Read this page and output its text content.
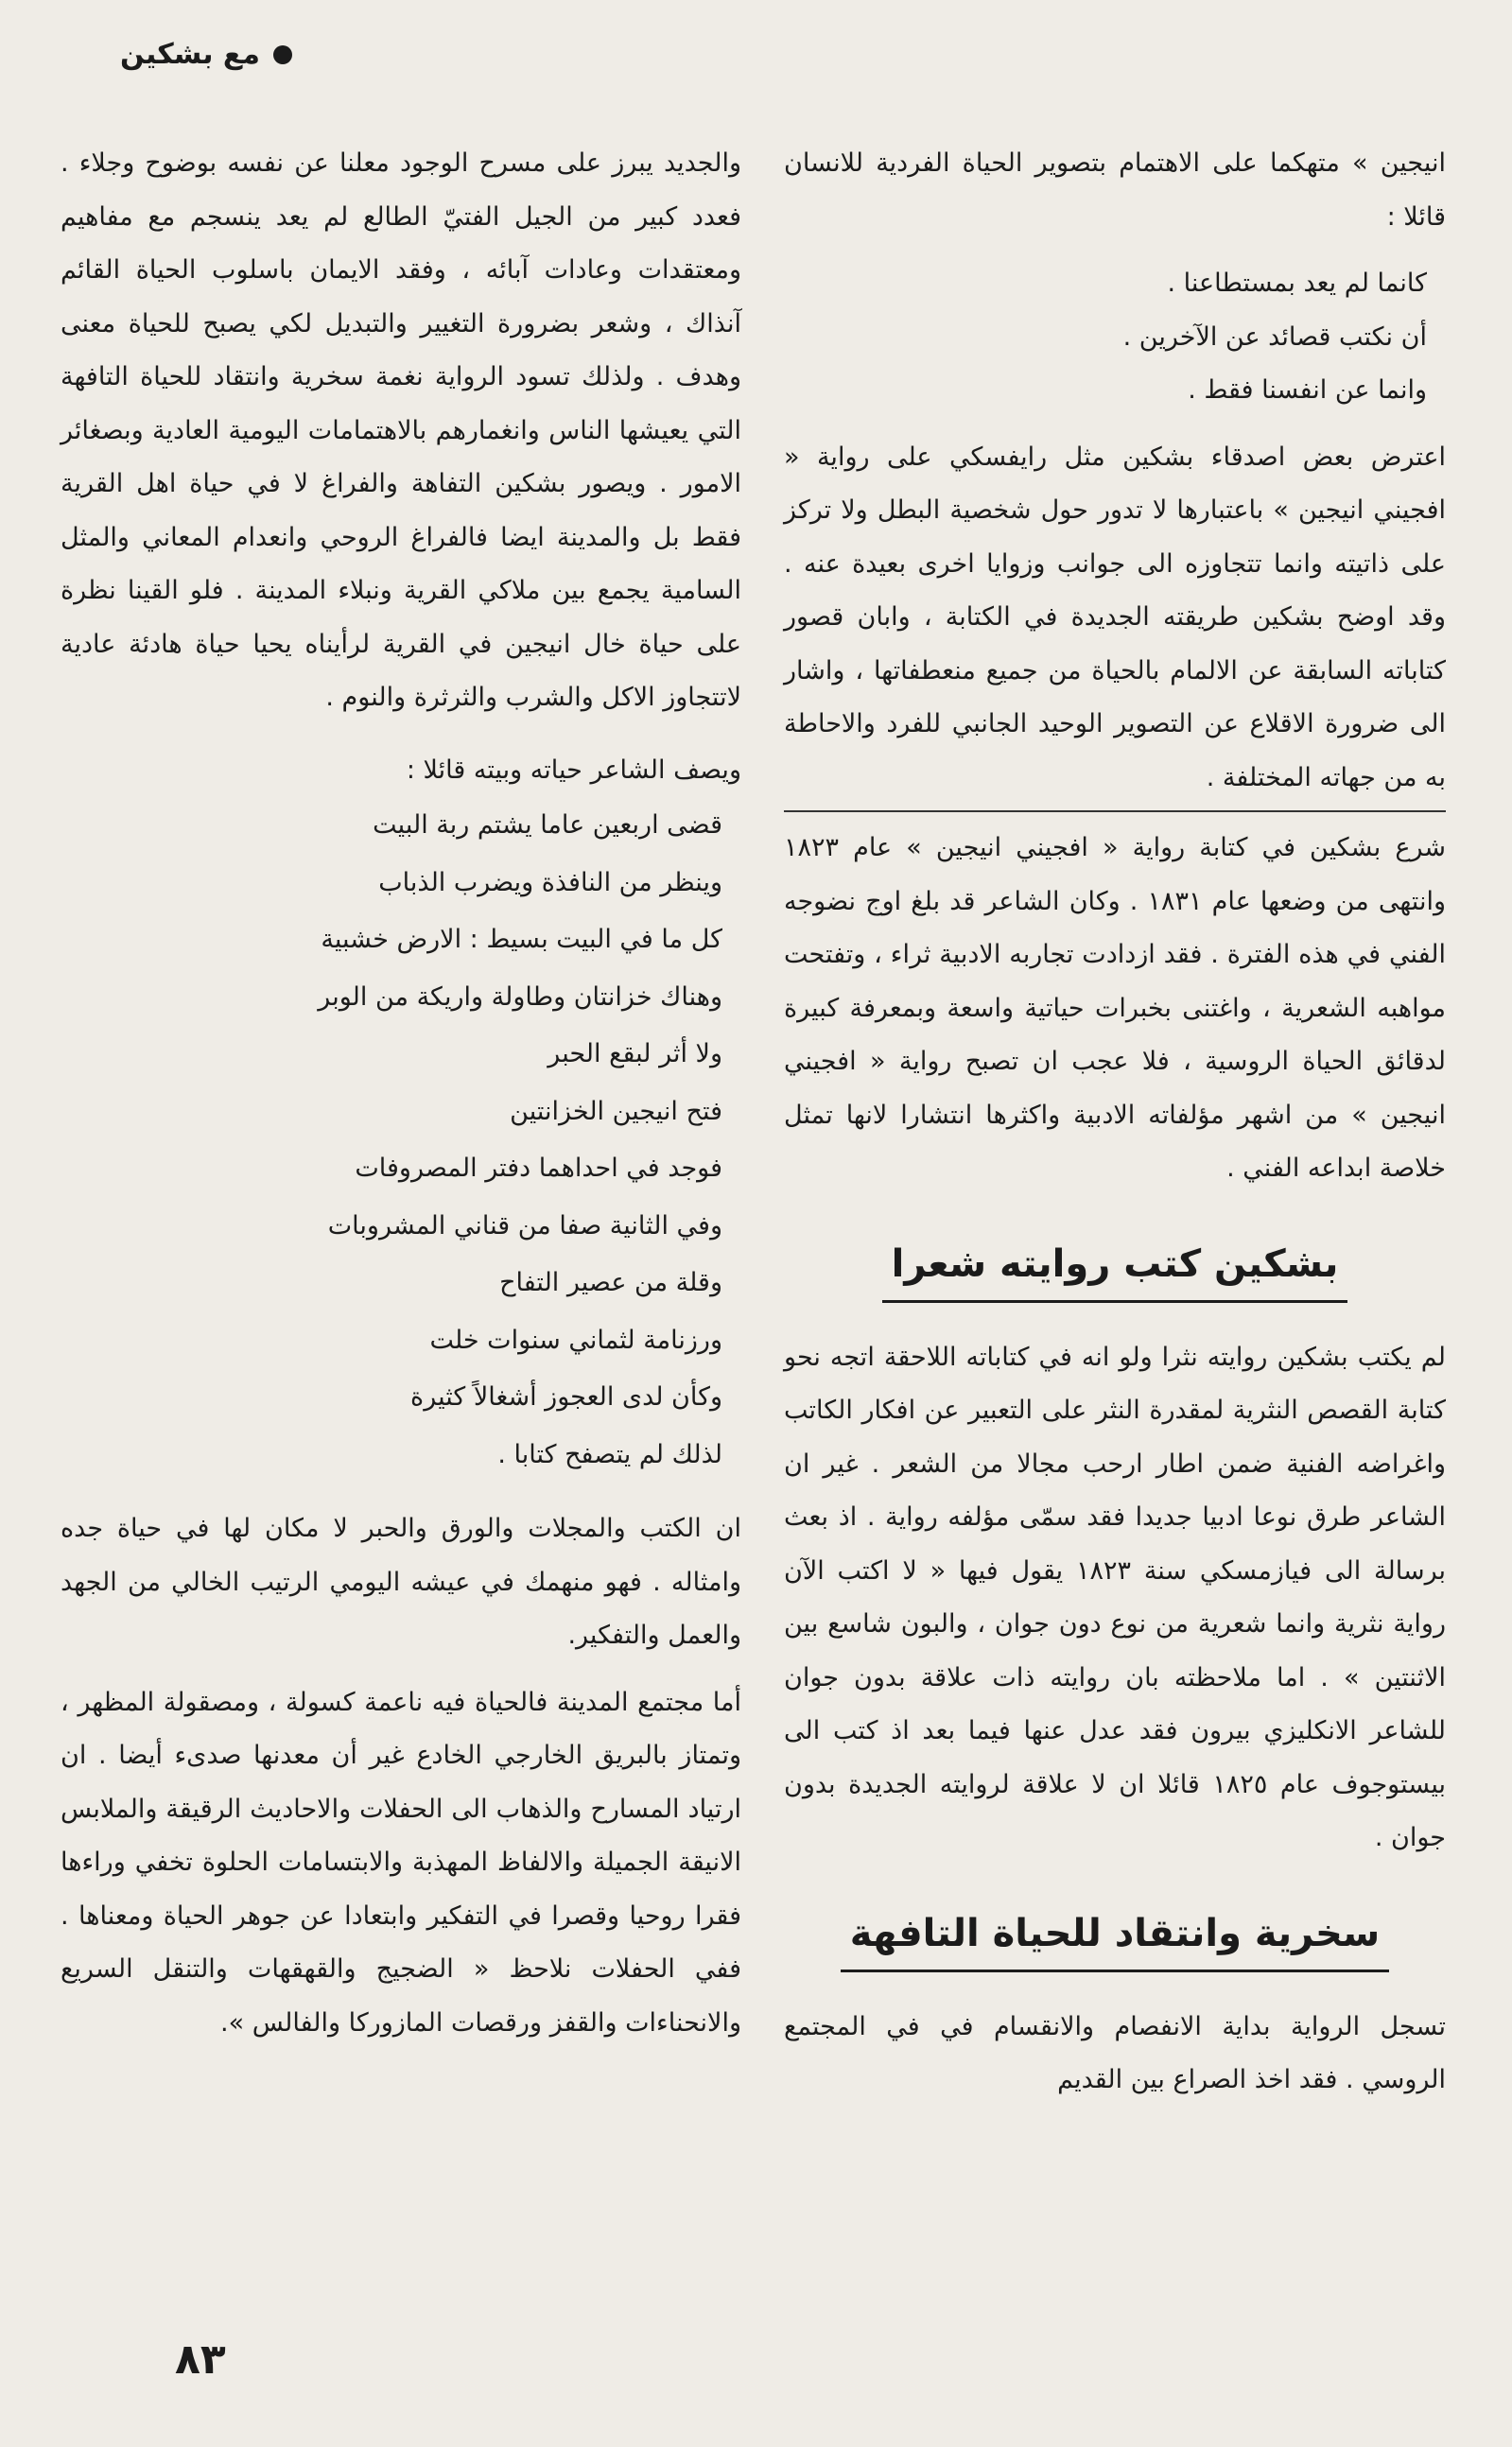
مع بشكين

انيجين » متهكما على الاهتمام بتصوير الحياة الفردية للانسان قائلا :

كانما لم يعد بمستطاعنا .

أن نكتب قصائد عن الآخرين .

وانما عن انفسنا فقط .

اعترض بعض اصدقاء بشكين مثل رايفسكي على رواية « افجيني انيجين » باعتبارها لا تدور حول شخصية البطل ولا تركز على ذاتيته وانما تتجاوزه الى جوانب وزوايا اخرى بعيدة عنه . وقد اوضح بشكين طريقته الجديدة في الكتابة ، وابان قصور كتاباته السابقة عن الالمام بالحياة من جميع منعطفاتها ، واشار الى ضرورة الاقلاع عن التصوير الوحيد الجانبي للفرد والاحاطة به من جهاته المختلفة .

شرع بشكين في كتابة رواية « افجيني انيجين » عام ١٨٢٣ وانتهى من وضعها عام ١٨٣١ . وكان الشاعر قد بلغ اوج نضوجه الفني في هذه الفترة . فقد ازدادت تجاربه الادبية ثراء ، وتفتحت مواهبه الشعرية ، واغتنى بخبرات حياتية واسعة وبمعرفة كبيرة لدقائق الحياة الروسية ، فلا عجب ان تصبح رواية « افجيني انيجين » من اشهر مؤلفاته الادبية واكثرها انتشارا لانها تمثل خلاصة ابداعه الفني .

بشكين كتب روايته شعرا

لم يكتب بشكين روايته نثرا ولو انه في كتاباته اللاحقة اتجه نحو كتابة القصص النثرية لمقدرة النثر على التعبير عن افكار الكاتب واغراضه الفنية ضمن اطار ارحب مجالا من الشعر . غير ان الشاعر طرق نوعا ادبيا جديدا فقد سمّى مؤلفه رواية . اذ بعث برسالة الى فيازمسكي سنة ١٨٢٣ يقول فيها « لا اكتب الآن رواية نثرية وانما شعرية من نوع دون جوان ، والبون شاسع بين الاثنتين » . اما ملاحظته بان روايته ذات علاقة بدون جوان للشاعر الانكليزي بيرون فقد عدل عنها فيما بعد اذ كتب الى بيستوجوف عام ١٨٢٥ قائلا ان لا علاقة لروايته الجديدة بدون جوان .

سخرية وانتقاد للحياة التافهة

تسجل الرواية بداية الانفصام والانقسام في في المجتمع الروسي . فقد اخذ الصراع بين القديم

والجديد يبرز على مسرح الوجود معلنا عن نفسه بوضوح وجلاء . فعدد كبير من الجيل الفتيّ الطالع لم يعد ينسجم مع مفاهيم ومعتقدات وعادات آبائه ، وفقد الايمان باسلوب الحياة القائم آنذاك ، وشعر بضرورة التغيير والتبديل لكي يصبح للحياة معنى وهدف . ولذلك تسود الرواية نغمة سخرية وانتقاد للحياة التافهة التي يعيشها الناس وانغمارهم بالاهتمامات اليومية العادية وبصغائر الامور . ويصور بشكين التفاهة والفراغ لا في حياة اهل القرية فقط بل والمدينة ايضا فالفراغ الروحي وانعدام المعاني والمثل السامية يجمع بين ملاكي القرية ونبلاء المدينة . فلو القينا نظرة على حياة خال انيجين في القرية لرأيناه يحيا حياة هادئة عادية لاتتجاوز الاكل والشرب والثرثرة والنوم .

ويصف الشاعر حياته وبيته قائلا :

قضى اربعين عاما يشتم ربة البيت

وينظر من النافذة ويضرب الذباب

كل ما في البيت بسيط : الارض خشبية

وهناك خزانتان وطاولة واريكة من الوبر

ولا أثر لبقع الحبر

فتح انيجين الخزانتين

فوجد في احداهما دفتر المصروفات

وفي الثانية صفا من قناني المشروبات

وقلة من عصير التفاح

ورزنامة لثماني سنوات خلت

وكأن لدى العجوز أشغالاً كثيرة

لذلك لم يتصفح كتابا .

ان الكتب والمجلات والورق والحبر لا مكان لها في حياة جده وامثاله . فهو منهمك في عيشه اليومي الرتيب الخالي من الجهد والعمل والتفكير.

أما مجتمع المدينة فالحياة فيه ناعمة كسولة ، ومصقولة المظهر ، وتمتاز بالبريق الخارجي الخادع غير أن معدنها صدىء أيضا . ان ارتياد المسارح والذهاب الى الحفلات والاحاديث الرقيقة والملابس الانيقة الجميلة والالفاظ المهذبة والابتسامات الحلوة تخفي وراءها فقرا روحيا وقصرا في التفكير وابتعادا عن جوهر الحياة ومعناها . ففي الحفلات نلاحظ « الضجيج والقهقهات والتنقل السريع والانحناءات والقفز ورقصات المازوركا والفالس ».

٨٣
